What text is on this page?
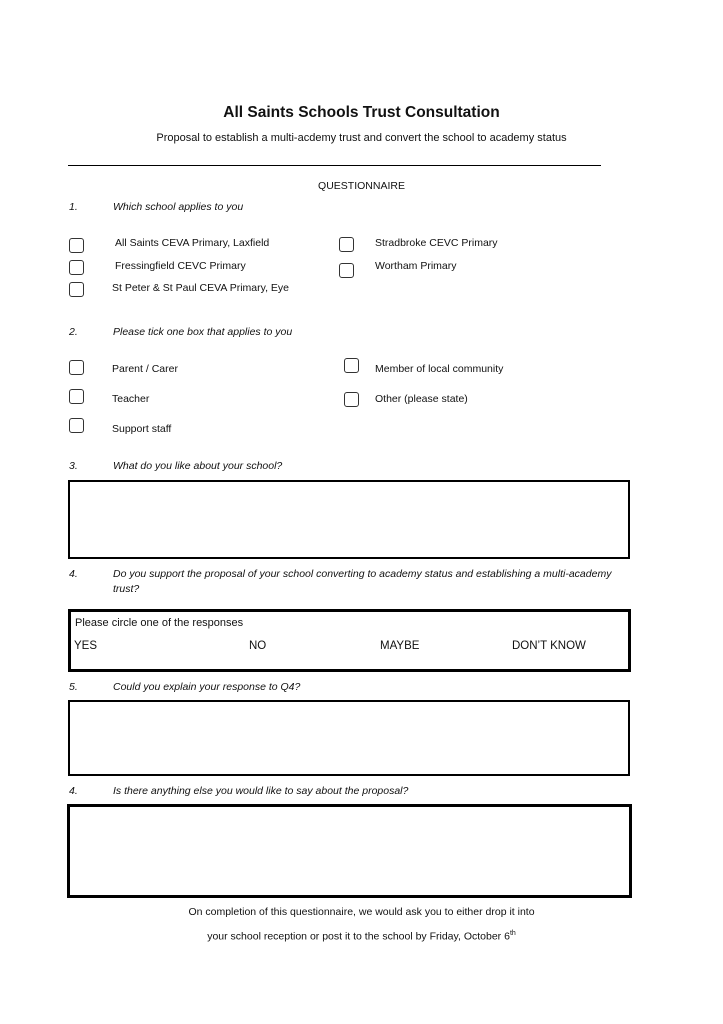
All Saints Schools Trust Consultation
Proposal to establish a multi-acdemy trust and convert the school to academy status
QUESTIONNAIRE
1.	Which school applies to you
All Saints CEVA Primary, Laxfield
Fressingfield CEVC Primary
St Peter & St Paul CEVA Primary, Eye
Stradbroke CEVC Primary
Wortham Primary
2.	Please tick one box that applies to you
Parent / Carer
Teacher
Support staff
Member of local community
Other (please state)
3.	What do you like about your school?
4.	Do you support the proposal of your school converting to academy status and establishing a multi-academy
trust?
Please circle one of the responses
YES	NO	MAYBE	DON’T KNOW
5.	Could you explain your response to Q4?
4.	Is there anything else you would like to say about the proposal?
On completion of this questionnaire, we would ask you to either drop it into
your school reception or post it to the school by Friday, October 6th
